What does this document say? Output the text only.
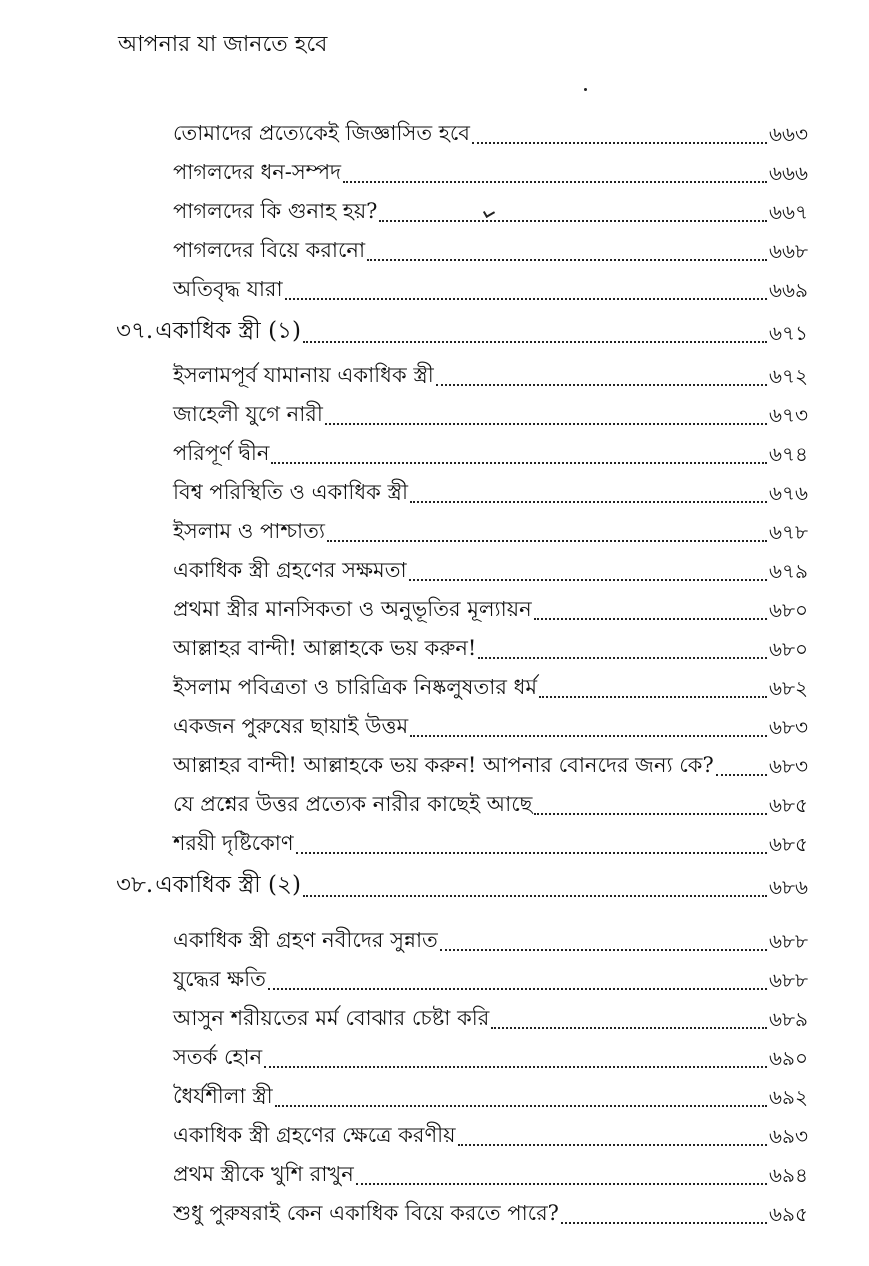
আপনার যা জানতে হবে
তোমাদের প্রত্যেকেই জিজ্ঞাসিত হবে	৬৬৩
পাগলদের ধন-সম্পদ	৬৬৬
পাগলদের কি গুনাহ হয়?	৬৬৭
পাগলদের বিয়ে করানো	৬৬৮
অতিবৃদ্ধ যারা	৬৬৯
৩৭.একাধিক স্ত্রী (১)	৬৭১
ইসলামপূর্ব যামানায় একাধিক স্ত্রী	৬৭২
জাহেলী যুগে নারী	৬৭৩
পরিপূর্ণ দ্বীন	৬৭৪
বিশ্ব পরিস্থিতি ও একাধিক স্ত্রী	৬৭৬
ইসলাম ও পাশ্চাত্য	৬৭৮
একাধিক স্ত্রী গ্রহণের সক্ষমতা	৬৭৯
প্রথমা স্ত্রীর মানসিকতা ও অনুভূতির মূল্যায়ন	৬৮০
আল্লাহর বান্দী! আল্লাহকে ভয় করুন!	৬৮০
ইসলাম পবিত্রতা ও চারিত্রিক নিষ্কলুষতার ধর্ম	৬৮২
একজন পুরুষের ছায়াই উত্তম	৬৮৩
আল্লাহর বান্দী! আল্লাহকে ভয় করুন! আপনার বোনদের জন্য কে?	৬৮৩
যে প্রশ্নের উত্তর প্রত্যেক নারীর কাছেই আছে	৬৮৫
শরয়ী দৃষ্টিকোণ	৬৮৫
৩৮.একাধিক স্ত্রী (২)	৬৮৬
একাধিক স্ত্রী গ্রহণ নবীদের সুন্নাত	৬৮৮
যুদ্ধের ক্ষতি	৬৮৮
আসুন শরীয়তের মর্ম বোঝার চেষ্টা করি	৬৮৯
সতর্ক হোন	৬৯০
ধৈর্যশীলা স্ত্রী	৬৯২
একাধিক স্ত্রী গ্রহণের ক্ষেত্রে করণীয়	৬৯৩
প্রথম স্ত্রীকে খুশি রাখুন	৬৯৪
শুধু পুরুষরাই কেন একাধিক বিয়ে করতে পারে?	৬৯৫
